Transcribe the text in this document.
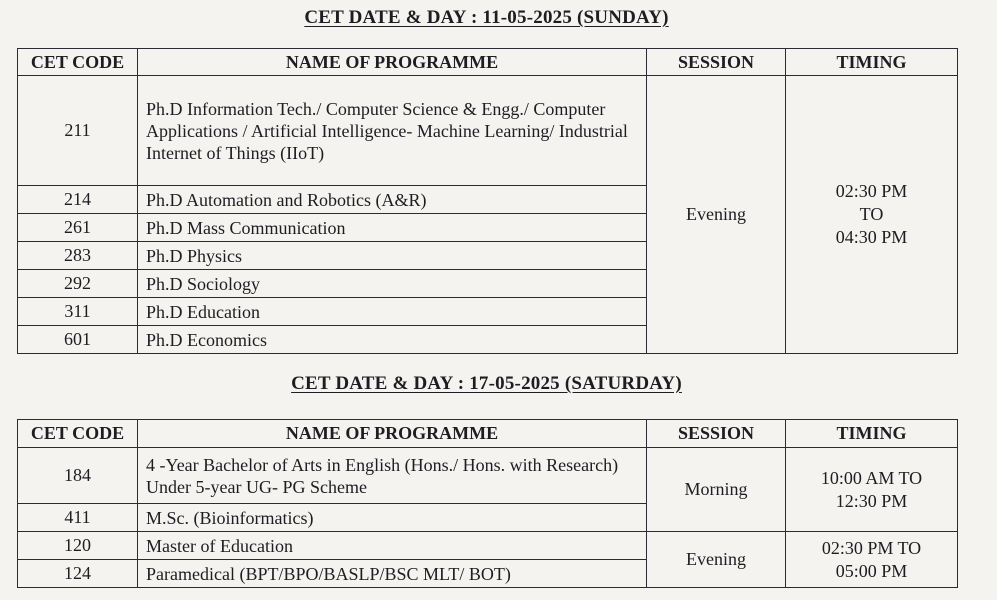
CET DATE & DAY : 11-05-2025 (SUNDAY)
CET CODE	NAME OF PROGRAMME	SESSION	TIMING
211	Ph.D Information Tech./ Computer Science & Engg./ Computer Applications / Artificial Intelligence- Machine Learning/ Industrial Internet of Things (IIoT)	Evening	02:30 PM
TO
04:30 PM

214	Ph.D Automation and Robotics (A&R)		
261	Ph.D Mass Communication		
283	Ph.D Physics		
292	Ph.D Sociology		
311	Ph.D Education		
601	Ph.D Economics		
CET DATE & DAY : 17-05-2025 (SATURDAY)
CET CODE	NAME OF PROGRAMME	SESSION	TIMING
184	4 -Year Bachelor of Arts in English (Hons./ Hons. with Research) Under 5-year UG- PG Scheme	Morning	10:00 AM TO
12:30 PM

411	M.Sc. (Bioinformatics)		
120	Master of Education	Evening	02:30 PM TO
05:00 PM

124	Paramedical (BPT/BPO/BASLP/BSC MLT/ BOT)		
